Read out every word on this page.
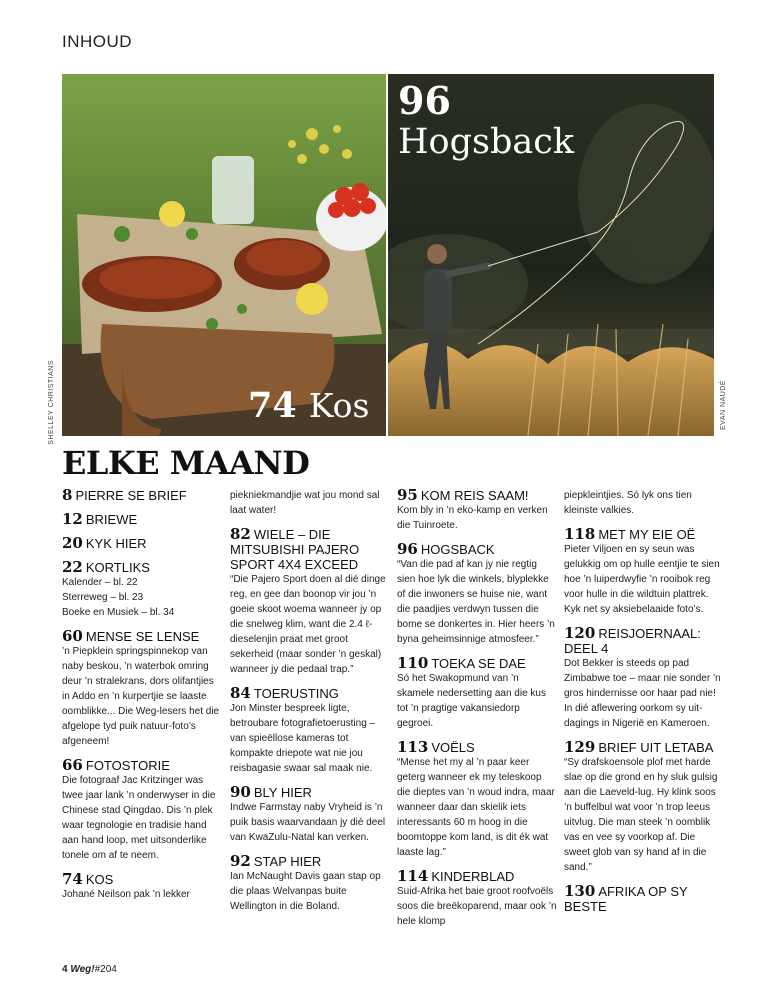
INHOUD
SHELLEY CHRISTIANS	EVAN NAUDÉ
74 Kos
96
Hogsback
ELKE MAAND
8 PIERRE SE BRIEF
12 BRIEWE
20 KYK HIER
22 KORTLIKS
Kalender – bl. 22
Sterreweg – bl. 23
Boeke en Musiek – bl. 34
60 MENSE SE LENSE
’n Piepklein springspinnekop van naby beskou, ’n waterbok omring deur ’n stralekrans, dors olifantjies in Addo en ’n kurpertjie se laaste oomblikke... Die Weg-lesers het die afgelope tyd puik natuur-foto’s afgeneem!
66 FOTOSTORIE
Die fotograaf Jac Kritzinger was twee jaar lank ’n onderwyser in die Chinese stad Qingdao. Dis ’n plek waar tegnologie en tradisie hand aan hand loop, met uitsonderlike tonele om af te neem.
74 KOS
Johané Neilson pak ’n lekker
piekniekmandjie wat jou mond sal laat water!
82 WIELE – DIE MITSUBISHI PAJERO SPORT 4X4 EXCEED
“Die Pajero Sport doen al dié dinge reg, en gee dan boonop vir jou ’n goeie skoot woema wanneer jy op die snelweg klim, want die 2.4 ℓ-dieselenjin praat met groot sekerheid (maar sonder ’n geskal) wanneer jy die pedaal trap.”
84 TOERUSTING
Jon Minster bespreek ligte, betroubare fotografietoerusting – van spieëllose kameras tot kompakte driepote wat nie jou reisbagasie swaar sal maak nie.
90 BLY HIER
Indwe Farmstay naby Vryheid is ’n puik basis waarvandaan jy dié deel van KwaZulu-Natal kan verken.
92 STAP HIER
Ian McNaught Davis gaan stap op die plaas Welvanpas buite Wellington in die Boland.
95 KOM REIS SAAM!
Kom bly in ’n eko-kamp en verken die Tuinroete.
96 HOGSBACK
“Van die pad af kan jy nie regtig sien hoe lyk die winkels, blyplekke of die inwoners se huise nie, want die paadjies verdwyn tussen die bome se donkertes in. Hier heers ’n byna geheimsinnige atmosfeer.”
110 TOEKA SE DAE
Só het Swakopmund van ’n skamele nedersetting aan die kus tot ’n pragtige vakansiedorp gegroei.
113 VOËLS
“Mense het my al ’n paar keer geterg wanneer ek my teleskoop die dieptes van ’n woud indra, maar wanneer daar dan skielik iets interessants 60 m hoog in die boomtoppe kom land, is dit ék wat laaste lag.”
114 KINDERBLAD
Suid-Afrika het baie groot roofvoëls soos die breëkoparend, maar ook ’n hele klomp
piepkleintjies. Só lyk ons tien kleinste valkies.
118 MET MY EIE OË
Pieter Viljoen en sy seun was gelukkig om op hulle eentjie te sien hoe ’n luiperdwyfie ’n rooibok reg voor hulle in die wildtuin plattrek. Kyk net sy aksiebelaaide foto’s.
120 REISJOERNAAL: DEEL 4
Dot Bekker is steeds op pad Zimbabwe toe – maar nie sonder ’n gros hindernisse oor haar pad nie! In dié aflewering oorkom sy uit-dagings in Nigerië en Kameroen.
129 BRIEF UIT LETABA
“Sy drafskoensole plof met harde slae op die grond en hy sluk gulsig aan die Laeveld-lug. Hy klink soos ’n buffelbul wat voor ’n trop leeus uitvlug. Die man steek ’n oomblik vas en vee sy voorkop af. Die sweet glob van sy hand af in die sand.”
130 AFRIKA OP SY BESTE
4 Weg!#204
